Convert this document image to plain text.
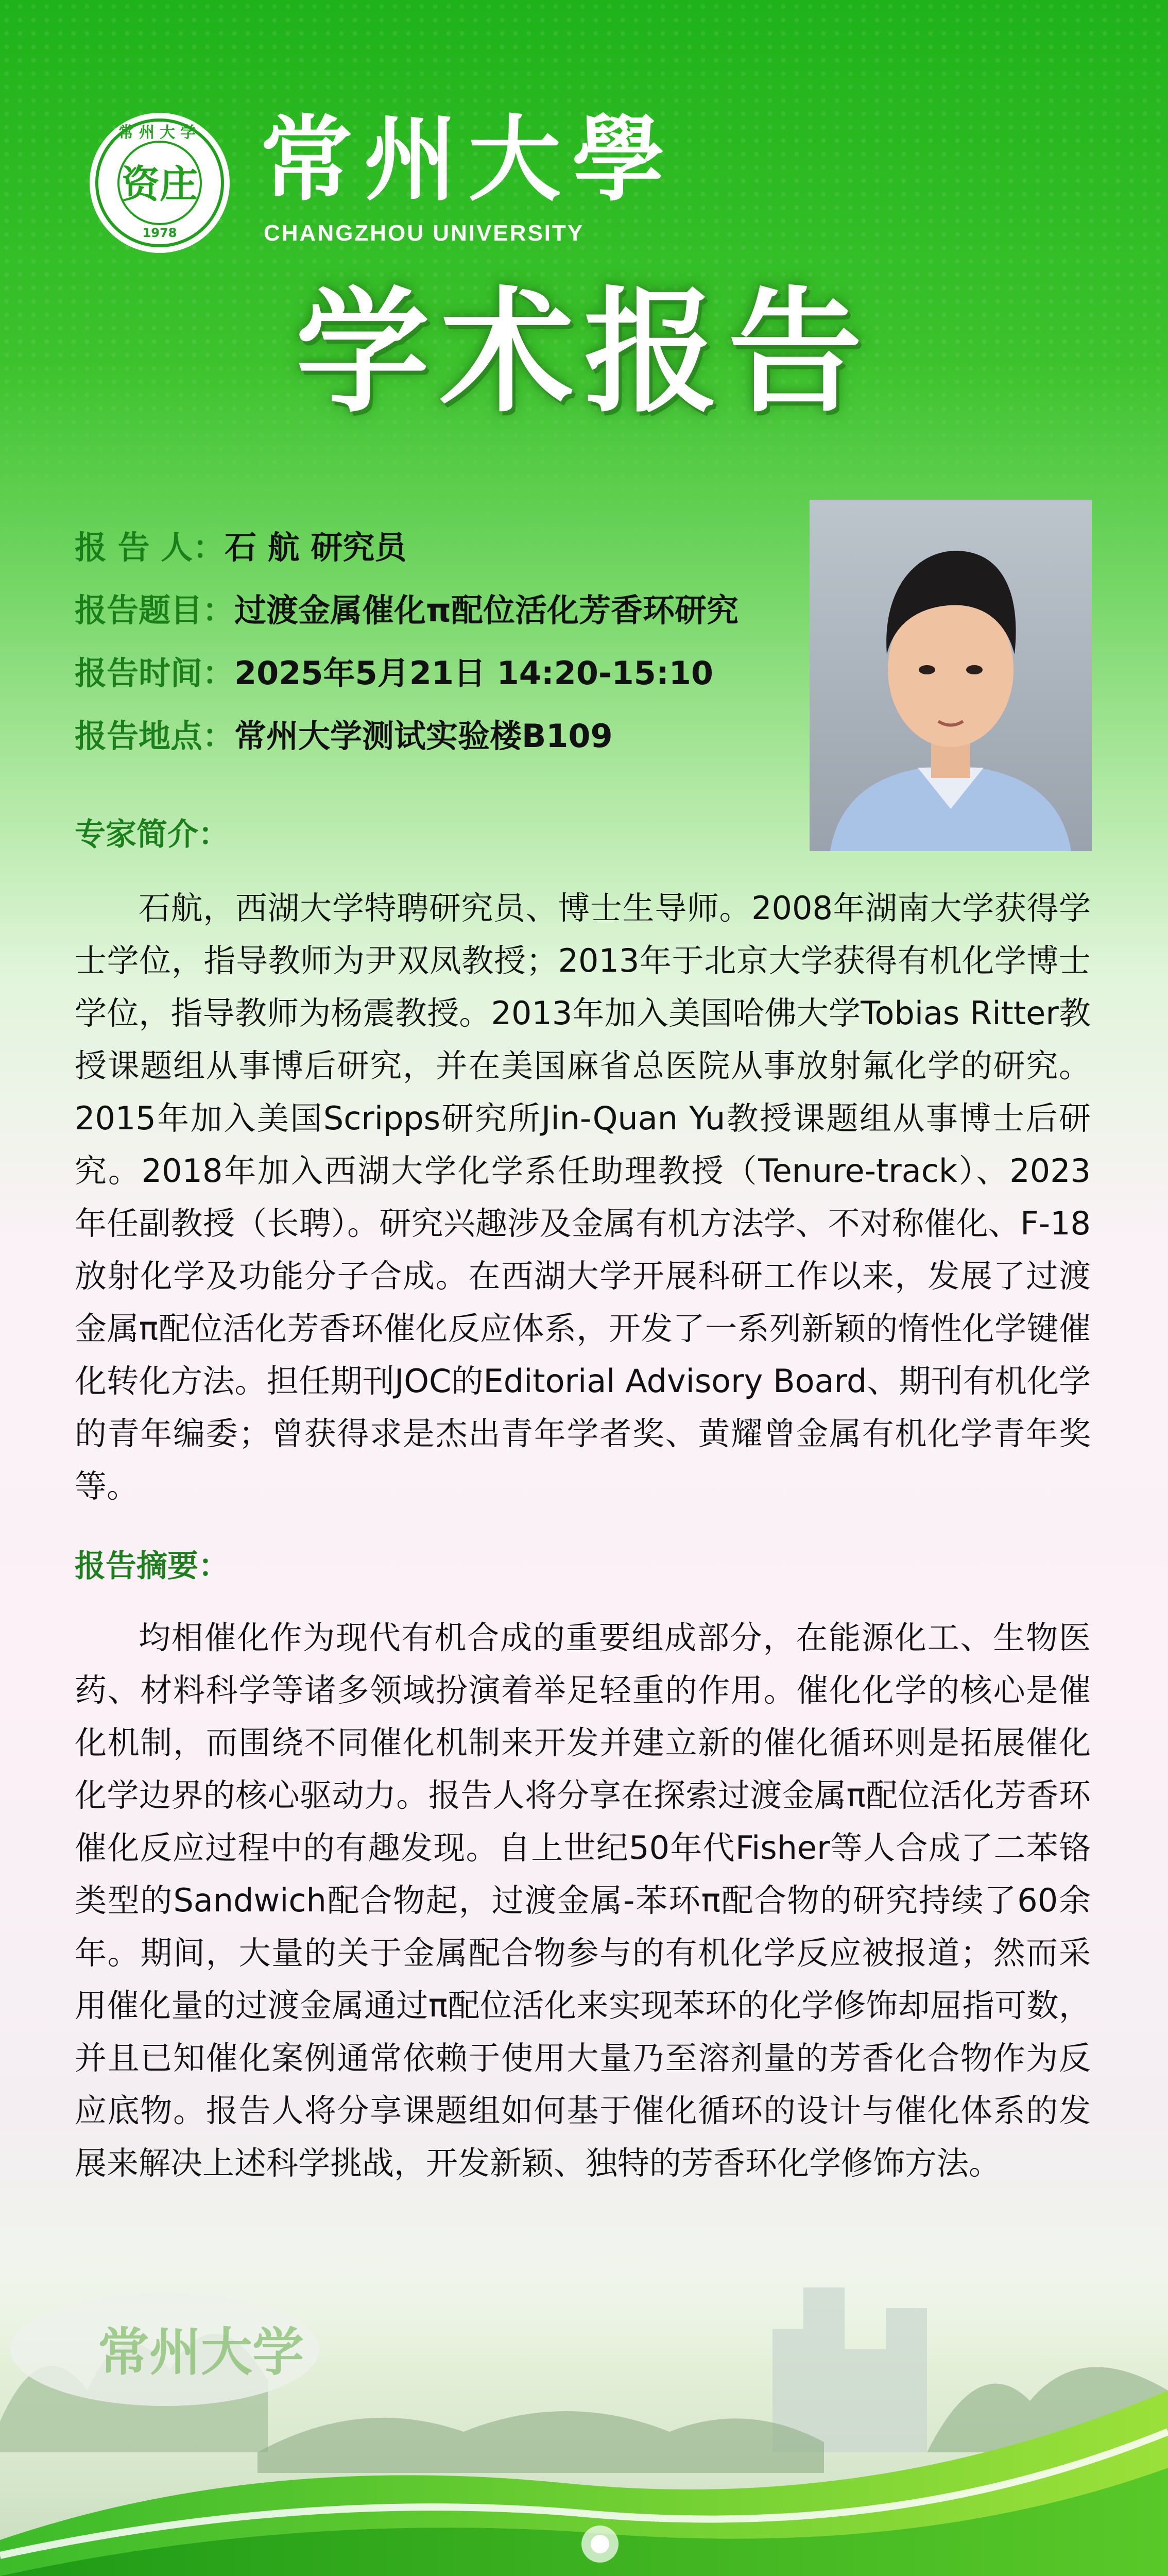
资庄
常州大学
1978
常州大學
CHANGZHOU UNIVERSITY
学术报告
报 告 人：石 航 研究员
报告题目：过渡金属催化π配位活化芳香环研究
报告时间：2025年5月21日 14:20-15:10
报告地点：常州大学测试实验楼B109
专家简介：

石航，西湖大学特聘研究员、博士生导师。2008年湖南大学获得学士学位，指导教师为尹双凤教授；2013年于北京大学获得有机化学博士学位，指导教师为杨震教授。2013年加入美国哈佛大学Tobias Ritter教授课题组从事博后研究，并在美国麻省总医院从事放射氟化学的研究。2015年加入美国Scripps研究所Jin-Quan Yu教授课题组从事博士后研究。2018年加入西湖大学化学系任助理教授（Tenure-track）、2023年任副教授（长聘）。研究兴趣涉及金属有机方法学、不对称催化、F-18放射化学及功能分子合成。在西湖大学开展科研工作以来，发展了过渡金属π配位活化芳香环催化反应体系，开发了一系列新颖的惰性化学键催化转化方法。担任期刊JOC的Editorial Advisory Board、期刊有机化学的青年编委；曾获得求是杰出青年学者奖、黄耀曾金属有机化学青年奖等。

报告摘要：

均相催化作为现代有机合成的重要组成部分，在能源化工、生物医药、材料科学等诸多领域扮演着举足轻重的作用。催化化学的核心是催化机制，而围绕不同催化机制来开发并建立新的催化循环则是拓展催化化学边界的核心驱动力。报告人将分享在探索过渡金属π配位活化芳香环催化反应过程中的有趣发现。自上世纪50年代Fisher等人合成了二苯铬类型的Sandwich配合物起，过渡金属-苯环π配合物的研究持续了60余年。期间，大量的关于金属配合物参与的有机化学反应被报道；然而采用催化量的过渡金属通过π配位活化来实现苯环的化学修饰却屈指可数，并且已知催化案例通常依赖于使用大量乃至溶剂量的芳香化合物作为反应底物。报告人将分享课题组如何基于催化循环的设计与催化体系的发展来解决上述科学挑战，开发新颖、独特的芳香环化学修饰方法。

常州大学
